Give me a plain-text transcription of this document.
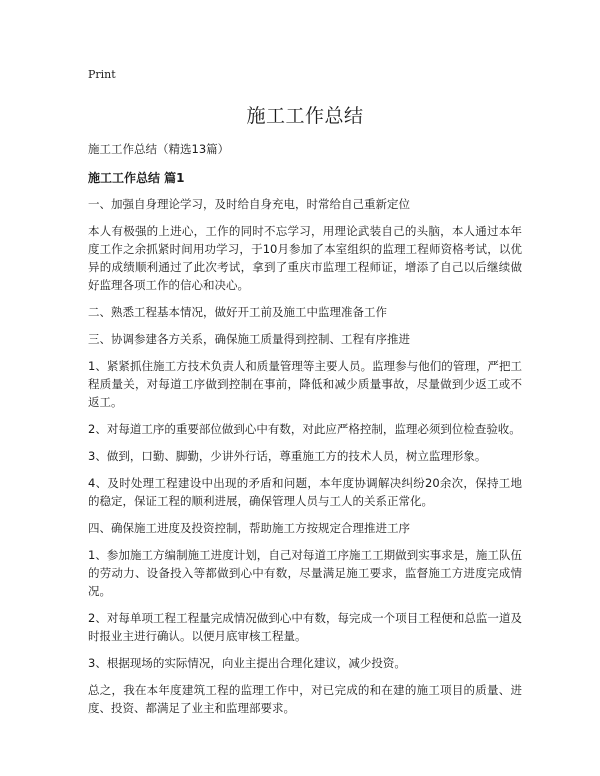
Print
施工工作总结

施工工作总结（精选13篇）

施工工作总结 篇1

一、加强自身理论学习，及时给自身充电，时常给自己重新定位

本人有极强的上进心，工作的同时不忘学习，用理论武装自己的头脑，本人通过本年度工作之余抓紧时间用功学习，于10月参加了本室组织的监理工程师资格考试，以优异的成绩顺利通过了此次考试，拿到了重庆市监理工程师证，增添了自己以后继续做好监理各项工作的信心和决心。

二、熟悉工程基本情况，做好开工前及施工中监理准备工作

三、协调参建各方关系，确保施工质量得到控制、工程有序推进

1、紧紧抓住施工方技术负责人和质量管理等主要人员。监理参与他们的管理，严把工程质量关，对每道工序做到控制在事前，降低和减少质量事故，尽量做到少返工或不返工。

2、对每道工序的重要部位做到心中有数，对此应严格控制，监理必须到位检查验收。

3、做到，口勤、脚勤，少讲外行话，尊重施工方的技术人员，树立监理形象。

4、及时处理工程建设中出现的矛盾和问题，本年度协调解决纠纷20余次，保持工地的稳定，保证工程的顺利进展，确保管理人员与工人的关系正常化。

四、确保施工进度及投资控制，帮助施工方按规定合理推进工序

1、参加施工方编制施工进度计划，自己对每道工序施工工期做到实事求是，施工队伍的劳动力、设备投入等都做到心中有数，尽量满足施工要求，监督施工方进度完成情况。

2、对每单项工程工程量完成情况做到心中有数，每完成一个项目工程便和总监一道及时报业主进行确认。以便月底审核工程量。

3、根据现场的实际情况，向业主提出合理化建议，减少投资。

总之，我在本年度建筑工程的监理工作中，对已完成的和在建的施工项目的质量、进度、投资、都满足了业主和监理部要求。
